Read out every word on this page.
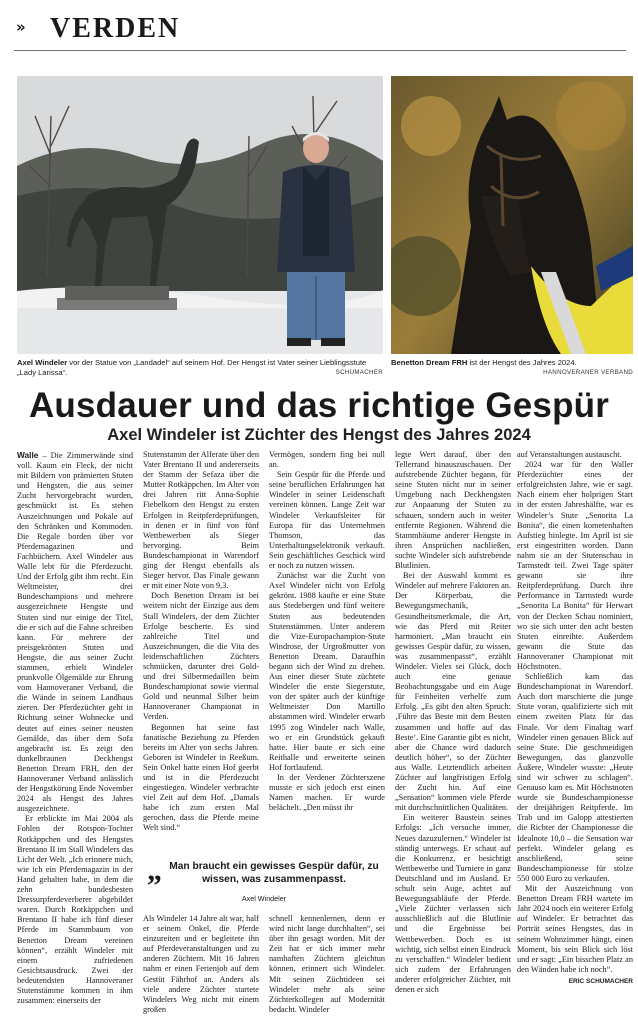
» VERDEN
Axel Windeler vor der Statue von „Landadel“ auf seinem Hof. Der Hengst ist Vater seiner Lieblingsstute „Lady Larissa“.	SCHUMACHER
Benetton Dream FRH ist der Hengst des Jahres 2024.
HANNOVERANER VERBAND
Ausdauer und das richtige Gespür
Axel Windeler ist Züchter des Hengst des Jahres 2024

Walle – Die Zimmerwände sind voll. Kaum ein Fleck, der nicht mit Bildern von prämierten Stuten und Hengsten, die aus seiner Zucht hervorgebracht wurden, geschmückt ist. Es stehen Auszeichnungen und Pokale auf den Schränken und Kommoden. Die Regale borden über vor Pferdemagazinen und Fachbüchern. Axel Windeler aus Walle lebt für die Pferdezucht. Und der Erfolg gibt ihm recht. Ein Weltmeister, drei Bundeschampions und mehrere ausgezeichnete Hengste und Stuten sind nur einige der Titel, die er sich auf die Fahne schreiben kann. Für mehrere der preisgekrönten Stuten und Hengste, die aus seiner Zucht stammen, erhielt Windeler prunkvolle Ölgemälde zur Ehrung vom Hannoveraner Verband, die die Wände in seinem Landhaus zieren. Der Pferdezüchter geht in Richtung seiner Wohnecke und deutet auf eines seiner neusten Gemälde, das über dem Sofa angebracht ist. Es zeigt den dunkelbraunen Deckhengst Benetton Dream FRH, den der Hannoveraner Verband anlässlich der Hengstkörung Ende November 2024 als Hengst des Jahres ausgezeichnete.

Er erblickte im Mai 2004 als Fohlen der Rotspon-Tochter Rotkäppchen und des Hengstes Brentano II im Stall Windelers das Licht der Welt. „Ich erinnere mich, wie ich ein Pferdemagazin in der Hand gehalten habe, in dem die zehn bundesbesten Dressurpferdeverberer abgebildet waren. Durch Rotkäppchen und Brentano II habe ich fünf dieser Pferde im Stammbaum von Benetton Dream vereinen können“, erzählt Windeler mit einem zufriedenen Gesichtsausdruck. Zwei der bedeutendsten Hannoveraner Stutenstämme kommen in ihm zusammen: einerseits der

Stutenstamm der Alferate über den Vater Brentano II und andererseits der Stamm der Sefaza über die Mutter Rotkäppchen. Im Alter von drei Jahren ritt Anna-Sophie Fiebelkorn den Hengst zu ersten Erfolgen in Reitpferdeprüfungen, in denen er in fünf von fünf Wettbewerben als Sieger hervorging. Beim Bundeschampionat in Warendorf ging der Hengst ebenfalls als Sieger hervor. Das Finale gewann er mit einer Note von 9,3.

Doch Benetton Dream ist bei weitem nicht der Einzige aus dem Stall Windelers, der dem Züchter Erfolge bescherte. Es sind zahlreiche Titel und Auszeichnungen, die die Vita des leidenschaftlichen Züchters schmücken, darunter drei Gold- und drei Silbermedaillen beim Bundeschampionat sowie viermal Gold und neunmal Silber beim Hannoveraner Championat in Verden.

Begonnen hat seine fast fanatische Beziehung zu Pferden bereits im Alter von sechs Jahren. Geboren ist Windeler in Reeßum. Sein Onkel hatte einen Hof geerbt und ist in die Pferdezucht eingestiegen. Windeler verbrachte viel Zeit auf dem Hof. „Damals habe ich zum ersten Mal gerochen, dass die Pferde meine Welt sind.“

Vermögen, sondern fing bei null an.

Sein Gespür für die Pferde und seine beruflichen Erfahrungen hat Windeler in seiner Leidenschaft vereinen können. Lange Zeit war Windeler Verkaufsleiter für Europa für das Unternehmen Thomson, das Unterhaltungselektronik verkauft. Sein geschäftliches Geschick wird er noch zu nutzen wissen.

Zunächst war die Zucht von Axel Windeler nicht von Erfolg gekrönt. 1988 kaufte er eine Stute aus Stedebergen und fünf weitere Stuten aus bedeutenden Stutenstämmen. Unter anderem die Vize-Europachampion-Stute Windrose, der Urgroßmutter von Benetton Dream. Daraufhin begann sich der Wind zu drehen. Aus einer dieser Stute züchtete Windeler die erste Siegerstute, von der später auch der künftige Weltmeister Don Martillo abstammen wird. Windeler erwarb 1995 zog Windeler nach Walle, wo er ein Grundstück gekauft hatte. Hier baute er sich eine Reithalle und erweiterte seinen Hof fortlaufend.

In der Verdener Züchterszene musste er sich jedoch erst einen Namen machen. Er wurde belächelt. „Den müsst ihr

„ Man braucht ein gewisses Gespür dafür, zu wissen, was zusammenpasst.
Axel Windeler

Als Windeler 14 Jahre alt war, half er seinem Onkel, die Pferde einzureiten und er begleitete ihn auf Pferdeveranstaltungen und zu anderen Züchtern. Mit 16 Jahren nahm er einen Ferienjob auf dem Gestüt Fährhof an. Anders als viele andere Züchter startete Windelers Weg nicht mit einem großen

schnell kennenlernen, denn er wird nicht lange durchhalten“, sei über ihn gesagt worden. Mit der Zeit hat er sich immer mehr namhaften Züchtern gleichtun können, erinnert sich Windeler. Mit seinen Züchtideen sei Windeler mehr als seine Züchterkollegen auf Modernität bedacht. Windeler

legte Wert darauf, über den Tellerrand hinauszuschauen. Der aufstrebende Züchter begann, für seine Stuten nicht nur in seiner Umgebung nach Deckhengsten zur Anpaarung der Stuten zu schauen, sondern auch in weiter entfernte Regionen. Während die Stammbäume anderer Hengste in ihren Ansprüchen nachließen, suchte Windeler sich aufstrebende Blutlinien.

Bei der Auswahl kommt es Windeler auf mehrere Faktoren an. Der Körperbau, die Bewegungsmechanik, Gesundheitsmerkmale, die Art, wie das Pferd mit Reiter harmoniert. „Man braucht ein gewisses Gespür dafür, zu wissen, was zusammenpasst“, erzählt Windeler. Vieles sei Glück, doch auch eine genaue Beobachtungsgabe und ein Auge für Feinheiten verhelfe zum Erfolg. „Es gibt den alten Spruch: ‚Führe das Beste mit dem Besten zusammen und hoffe auf das Beste‘. Eine Garantie gibt es nicht, aber die Chance wird dadurch deutlich höher“, so der Züchter aus Walle. Letztendlich arbeiten Züchter auf langfristigen Erfolg der Zucht hin. Auf eine „Sensation“ kommen viele Pferde mit durchschnittlichen Qualitäten.

Ein weiterer Baustein seines Erfolgs: „Ich versuche immer, Neues dazuzulernen.“ Windeler ist ständig unterwegs. Er schaut auf die Konkurrenz, er besichtigt Wettbewerbe und Turniere in ganz Deutschland und im Ausland. Er schult sein Auge, achtet auf Bewegungsabläufe der Pferde. „Viele Züchter verlassen sich ausschließlich auf die Blutlinie und die Ergebnisse bei Wettbewerben. Doch es ist wichtig, sich selbst einen Eindruck zu verschaffen.“ Windeler bedient sich zudem der Erfahrungen anderer erfolgreicher Züchter, mit denen er sich

auf Veranstaltungen austauscht.

2024 war für den Waller Pferdezüchter eines der erfolgreichsten Jahre, wie er sagt. Nach einem eher holprigen Start in der ersten Jahreshälfte, war es Windeler’s Stute „Senorita La Bonita“, die einen kometenhaften Aufstieg hinlegte. Im April ist sie erst eingestritten worden. Dann nahm sie an der Stutenschau in Tarmstedt teil. Zwei Tage später gewann sie ihre Reitpferdeprüfung. Durch ihre Performance in Tarmstedt wurde „Senorita La Bonita“ für Herwart von der Decken Schau nominiert, wo sie sich unter den acht besten Stuten einreihte. Außerdem gewann die Stute das Hannoveraner Championat mit Höchstnoten.

Schließlich kam das Bundeschampionat in Warendorf. Auch dort marschierte die junge Stute voran, qualifizierte sich mit einem zweiten Platz für das Finale. Vor dem Finaltag warf Windeler einen genauen Blick auf seine Stute. Die geschmeidigen Bewegungen, das glanzvolle Äußere, Windeler wusste: „Heute sind wir schwer zu schlagen“. Genauso kam es. Mit Höchstnoten wurde sie Bundeschampionesse der dreijährigen Reitpferde. Im Trab und im Galopp attestierten die Richter der Championesse die Idealnote 10,0 – die Sensation war perfekt. Windeler gelang es anschließend, seine Bundeschampionesse für stolze 550 000 Euro zu verkaufen.

Mit der Auszeichnung von Benetton Dream FRH wartete im Jahr 2024 noch ein weiterer Erfolg auf Windeler. Er betrachtet das Porträt seines Hengstes, das in seinem Wohnzimmer hängt, einen Moment, bis sein Blick sich löst und er sagt: „Ein bisschen Platz an den Wänden habe ich noch“.

ERIC SCHUMACHER
